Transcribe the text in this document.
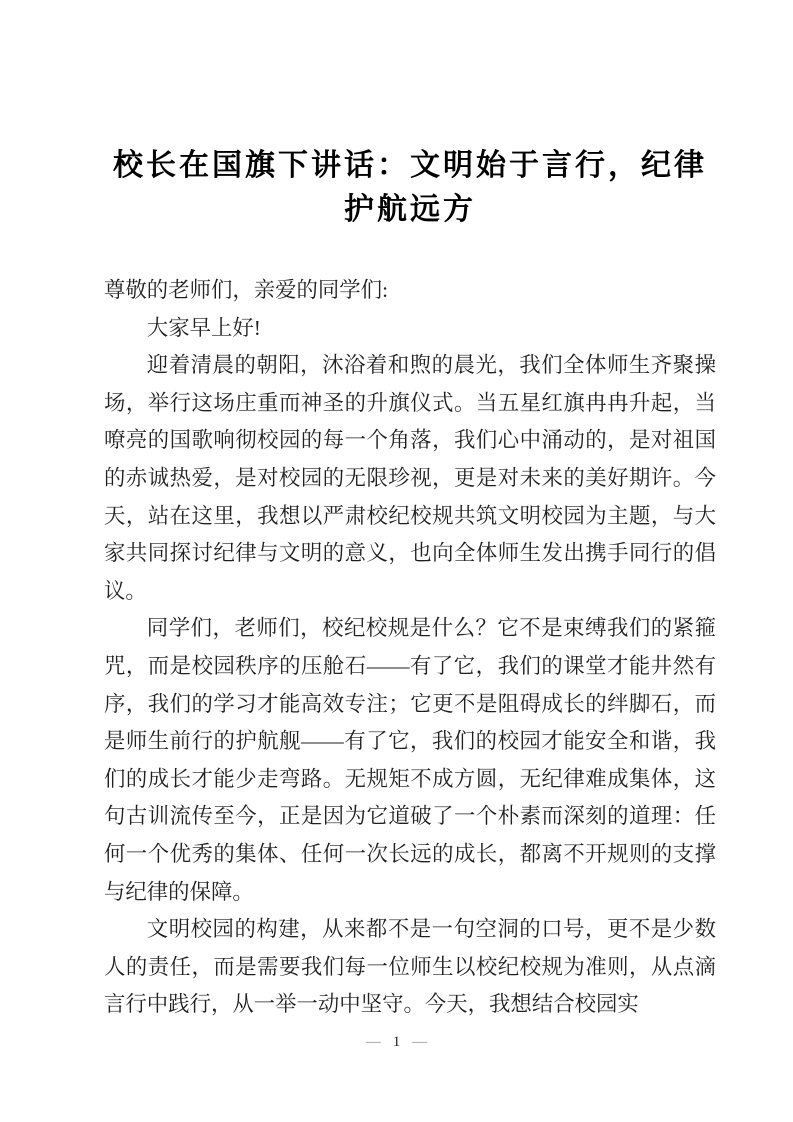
校长在国旗下讲话：文明始于言行，纪律护航远方

尊敬的老师们，亲爱的同学们:

大家早上好!

迎着清晨的朝阳，沐浴着和煦的晨光，我们全体师生齐聚操场，举行这场庄重而神圣的升旗仪式。当五星红旗冉冉升起，当嘹亮的国歌响彻校园的每一个角落，我们心中涌动的，是对祖国的赤诚热爱，是对校园的无限珍视，更是对未来的美好期许。今天，站在这里，我想以严肃校纪校规共筑文明校园为主题，与大家共同探讨纪律与文明的意义，也向全体师生发出携手同行的倡议。

同学们，老师们，校纪校规是什么？它不是束缚我们的紧箍咒，而是校园秩序的压舱石——有了它，我们的课堂才能井然有序，我们的学习才能高效专注；它更不是阻碍成长的绊脚石，而是师生前行的护航舰——有了它，我们的校园才能安全和谐，我们的成长才能少走弯路。无规矩不成方圆，无纪律难成集体，这句古训流传至今，正是因为它道破了一个朴素而深刻的道理：任何一个优秀的集体、任何一次长远的成长，都离不开规则的支撑与纪律的保障。

文明校园的构建，从来都不是一句空洞的口号，更不是少数人的责任，而是需要我们每一位师生以校纪校规为准则，从点滴言行中践行，从一举一动中坚守。今天，我想结合校园实

— 1 —
